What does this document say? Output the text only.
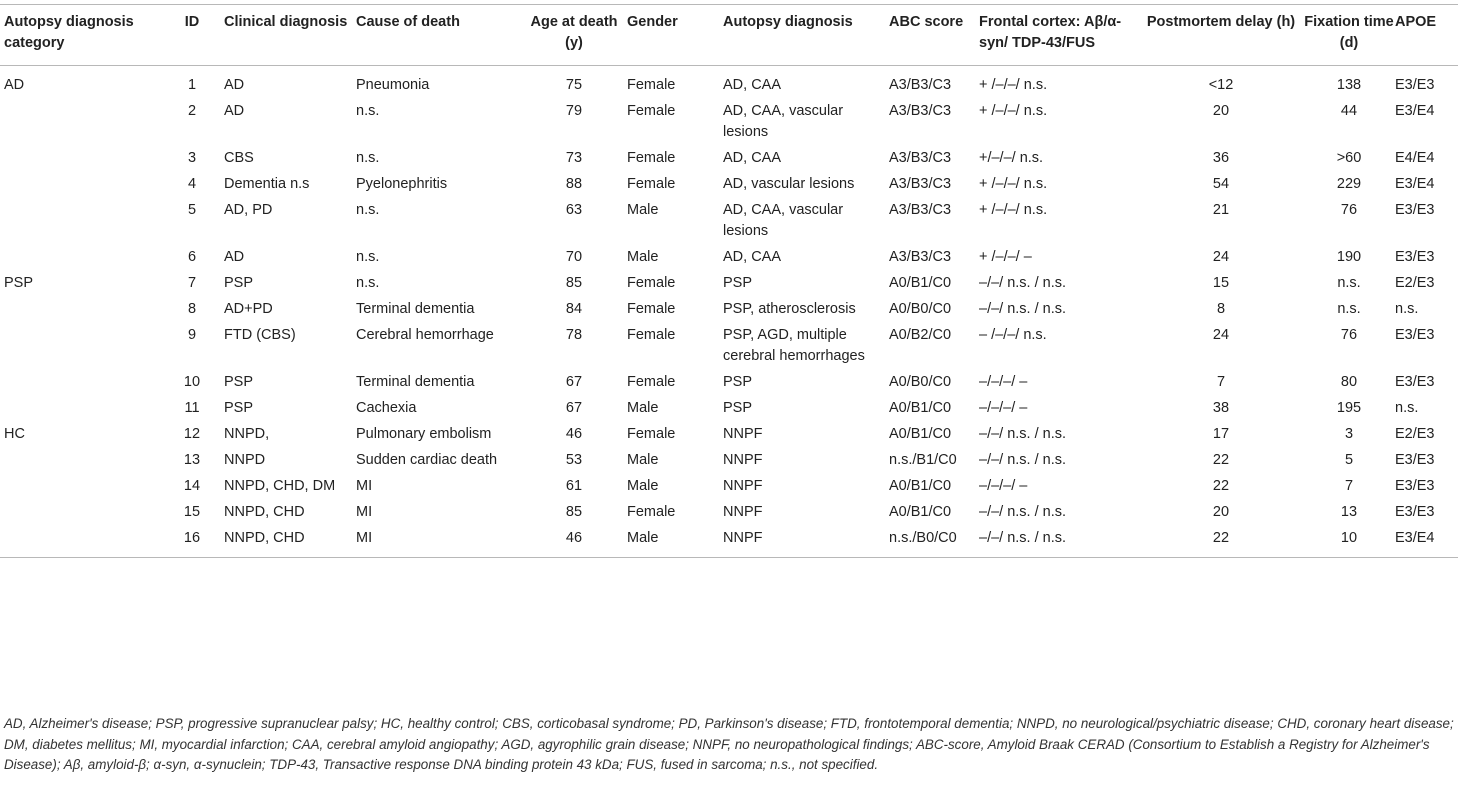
Autopsy diagnosis category	ID	Clinical diagnosis	Cause of death	Age at death (y)	Gender	Autopsy diagnosis	ABC score	Frontal cortex: Aβ/α-syn/ TDP-43/FUS	Postmortem delay (h)	Fixation time (d)	APOE
AD	1	AD	Pneumonia	75	Female	AD, CAA	A3/B3/C3	+ /–/–/ n.s.	<12	138	E3/E3
	2	AD	n.s.	79	Female	AD, CAA, vascular lesions	A3/B3/C3	+ /–/–/ n.s.	20	44	E3/E4
	3	CBS	n.s.	73	Female	AD, CAA	A3/B3/C3	+/–/–/ n.s.	36	>60	E4/E4
	4	Dementia n.s	Pyelonephritis	88	Female	AD, vascular lesions	A3/B3/C3	+ /–/–/ n.s.	54	229	E3/E4
	5	AD, PD	n.s.	63	Male	AD, CAA, vascular lesions	A3/B3/C3	+ /–/–/ n.s.	21	76	E3/E3
	6	AD	n.s.	70	Male	AD, CAA	A3/B3/C3	+ /–/–/ –	24	190	E3/E3
PSP	7	PSP	n.s.	85	Female	PSP	A0/B1/C0	–/–/ n.s. / n.s.	15	n.s.	E2/E3
	8	AD+PD	Terminal dementia	84	Female	PSP, atherosclerosis	A0/B0/C0	–/–/ n.s. / n.s.	8	n.s.	n.s.
	9	FTD (CBS)	Cerebral hemorrhage	78	Female	PSP, AGD, multiple cerebral hemorrhages	A0/B2/C0	– /–/–/ n.s.	24	76	E3/E3
	10	PSP	Terminal dementia	67	Female	PSP	A0/B0/C0	–/–/–/ –	7	80	E3/E3
	11	PSP	Cachexia	67	Male	PSP	A0/B1/C0	–/–/–/ –	38	195	n.s.
HC	12	NNPD,	Pulmonary embolism	46	Female	NNPF	A0/B1/C0	–/–/ n.s. / n.s.	17	3	E2/E3
	13	NNPD	Sudden cardiac death	53	Male	NNPF	n.s./B1/C0	–/–/ n.s. / n.s.	22	5	E3/E3
	14	NNPD, CHD, DM	MI	61	Male	NNPF	A0/B1/C0	–/–/–/ –	22	7	E3/E3
	15	NNPD, CHD	MI	85	Female	NNPF	A0/B1/C0	–/–/ n.s. / n.s.	20	13	E3/E3
	16	NNPD, CHD	MI	46	Male	NNPF	n.s./B0/C0	–/–/ n.s. / n.s.	22	10	E3/E4
AD, Alzheimer's disease; PSP, progressive supranuclear palsy; HC, healthy control; CBS, corticobasal syndrome; PD, Parkinson's disease; FTD, frontotemporal dementia; NNPD, no neurological/psychiatric disease; CHD, coronary heart disease; DM, diabetes mellitus; MI, myocardial infarction; CAA, cerebral amyloid angiopathy; AGD, agyrophilic grain disease; NNPF, no neuropathological findings; ABC-score, Amyloid Braak CERAD (Consortium to Establish a Registry for Alzheimer's Disease); Aβ, amyloid-β; α-syn, α-synuclein; TDP-43, Transactive response DNA binding protein 43 kDa; FUS, fused in sarcoma; n.s., not specified.
